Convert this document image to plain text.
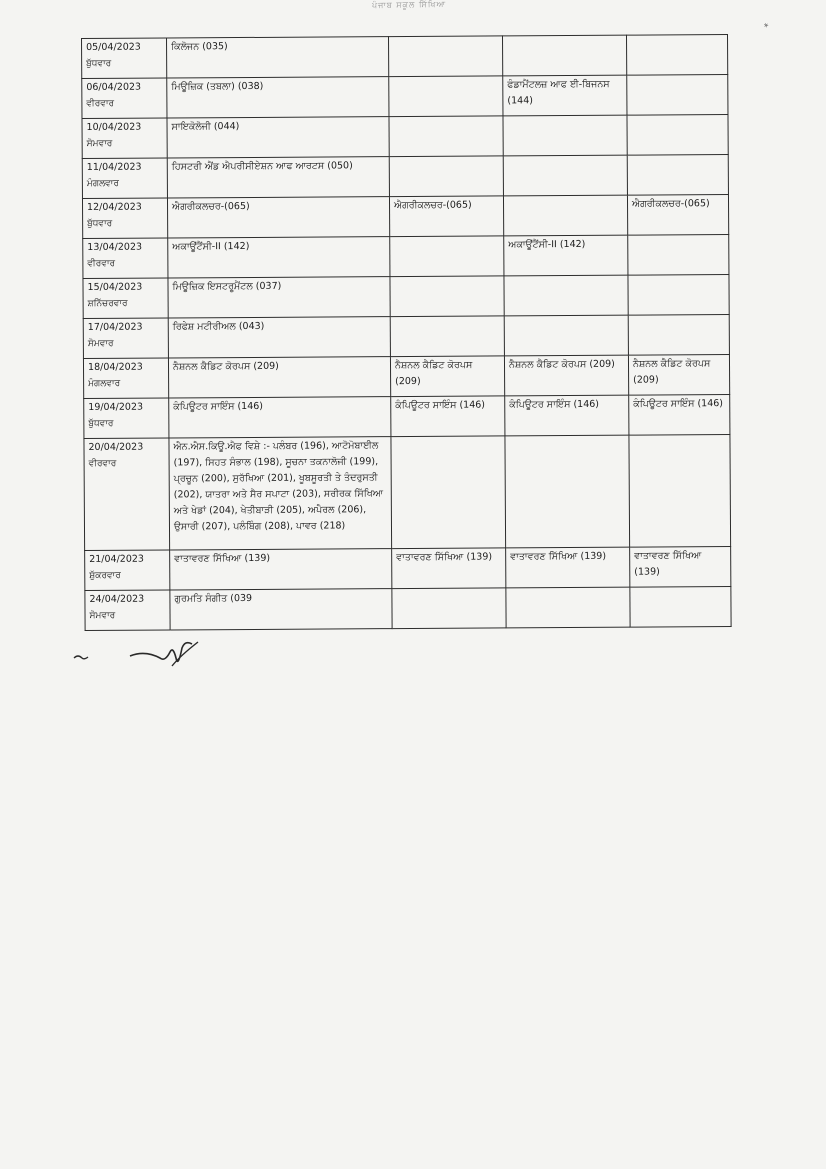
ਪੰਜਾਬ ਸਕੂਲ ਸਿੱਖਿਆ
*
05/04/2023
ਬੁੱਧਵਾਰ	ਕਿਲੋਜਨ (035)			

06/04/2023
ਵੀਰਵਾਰ	ਮਿਊਜ਼ਿਕ (ਤਬਲਾ) (038)		ਫੰਡਾਮੈਂਟਲਜ਼ ਆਫ ਈ-ਬਿਜਨਸ (144)	

10/04/2023
ਸੋਮਵਾਰ	ਸਾਇਕੋਲੋਜੀ (044)			

11/04/2023
ਮੰਗਲਵਾਰ	ਹਿਸਟਰੀ ਐਂਡ ਐਪਰੀਸੀਏਸ਼ਨ ਆਫ ਆਰਟਸ (050)			

12/04/2023
ਬੁੱਧਵਾਰ	ਐਗਰੀਕਲਚਰ-(065)	ਐਗਰੀਕਲਚਰ-(065)		ਐਗਰੀਕਲਚਰ-(065)

13/04/2023
ਵੀਰਵਾਰ	ਅਕਾਊਂਟੈਂਸੀ-II (142)		ਅਕਾਊਂਟੈਂਸੀ-II (142)	

15/04/2023
ਸ਼ਨਿੱਚਰਵਾਰ	ਮਿਊਜ਼ਿਕ ਇਸਟਰੂਮੈਂਟਲ (037)			

17/04/2023
ਸੋਮਵਾਰ	ਰਿਫੇਸ਼ ਮਟੀਰੀਅਲ (043)			

18/04/2023
ਮੰਗਲਵਾਰ	ਨੈਸ਼ਨਲ ਕੈਡਿਟ ਕੋਰਪਸ (209)	ਨੈਸ਼ਨਲ ਕੈਡਿਟ ਕੋਰਪਸ (209)	ਨੈਸ਼ਨਲ ਕੈਡਿਟ ਕੋਰਪਸ (209)	ਨੈਸ਼ਨਲ ਕੈਡਿਟ ਕੋਰਪਸ (209)

19/04/2023
ਬੁੱਧਵਾਰ	ਕੰਪਿਊਟਰ ਸਾਇੰਸ (146)	ਕੰਪਿਊਟਰ ਸਾਇੰਸ (146)	ਕੰਪਿਊਟਰ ਸਾਇੰਸ (146)	ਕੰਪਿਊਟਰ ਸਾਇੰਸ (146)

20/04/2023
ਵੀਰਵਾਰ	ਐਨ.ਐਸ.ਕਿਊ.ਐਫ ਵਿਸ਼ੇ :- ਪਲੰਬਰ (196), ਆਟੋਮੋਬਾਈਲ (197), ਸਿਹਤ ਸੰਭਾਲ (198), ਸੂਚਨਾ ਤਕਨਾਲੋਜੀ (199), ਪ੍ਰਚੂਨ (200), ਸੁਰੱਖਿਆ (201), ਖੂਬਸੂਰਤੀ ਤੇ ਤੰਦਰੁਸਤੀ (202), ਯਾਤਰਾ ਅਤੇ ਸੈਰ ਸਪਾਟਾ (203), ਸਰੀਰਕ ਸਿੱਖਿਆ ਅਤੇ ਖੇਡਾਂ (204), ਖੇਤੀਬਾੜੀ (205), ਅਪੈਰਲ (206), ਉਸਾਰੀ (207), ਪਲੰਬਿੰਗ (208), ਪਾਵਰ (218)			

21/04/2023
ਸ਼ੁੱਕਰਵਾਰ	ਵਾਤਾਵਰਣ ਸਿੱਖਿਆ (139)	ਵਾਤਾਵਰਣ ਸਿੱਖਿਆ (139)	ਵਾਤਾਵਰਣ ਸਿੱਖਿਆ (139)	ਵਾਤਾਵਰਣ ਸਿੱਖਿਆ (139)

24/04/2023
ਸੋਮਵਾਰ	ਗੁਰਮਤਿ ਸੰਗੀਤ (039			
